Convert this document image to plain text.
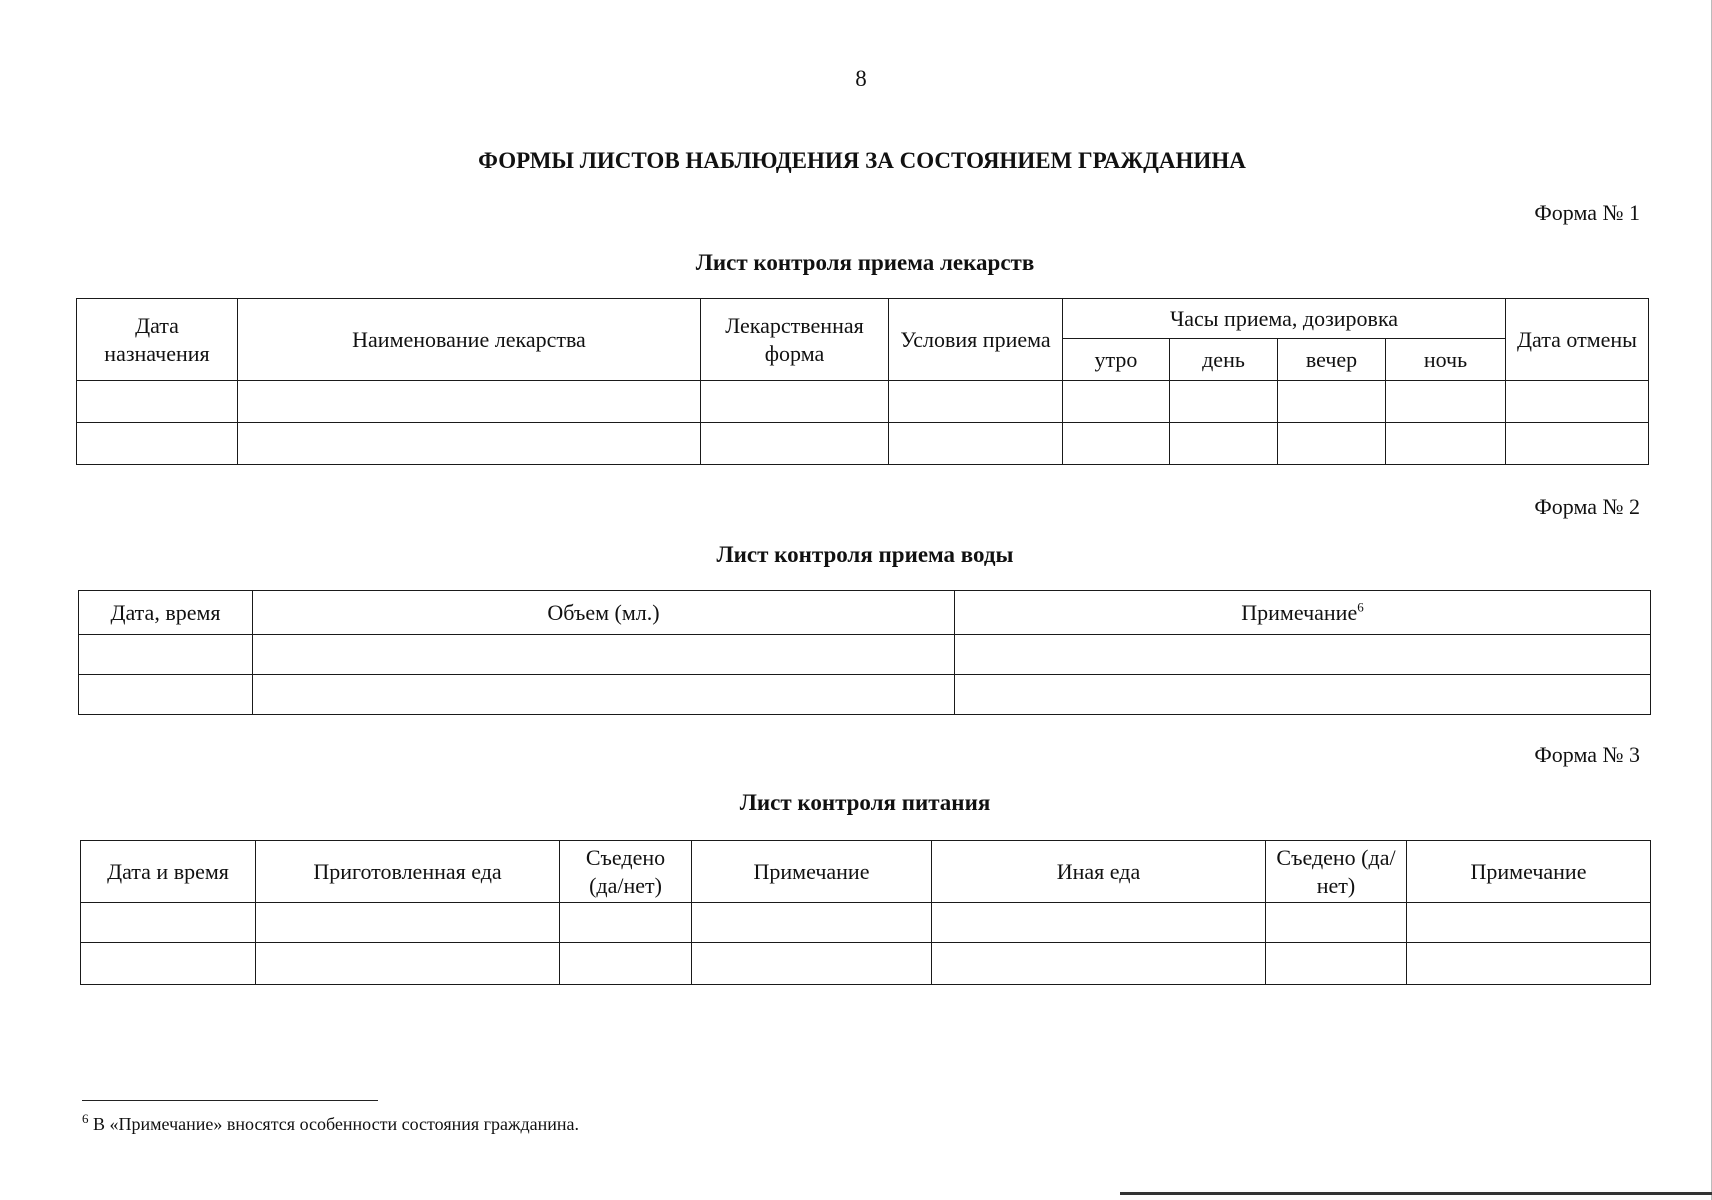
8
ФОРМЫ ЛИСТОВ НАБЛЮДЕНИЯ ЗА СОСТОЯНИЕМ ГРАЖДАНИНА
Форма № 1
Лист контроля приема лекарств
Дата назначения	Наименование лекарства	Лекарственная форма	Условия приема	Часы приема, дозировка				Дата отмены
				утро	день	вечер	ночь	

Форма № 2
Лист контроля приема воды
Дата, время	Объем (мл.)	Примечание$^6$

Форма № 3
Лист контроля питания
Дата и время	Приготовленная еда	Съедено (да/нет)	Примечание	Иная еда	Съедено (да/нет)	Примечание

$^6$ В «Примечание» вносятся особенности состояния гражданина.
